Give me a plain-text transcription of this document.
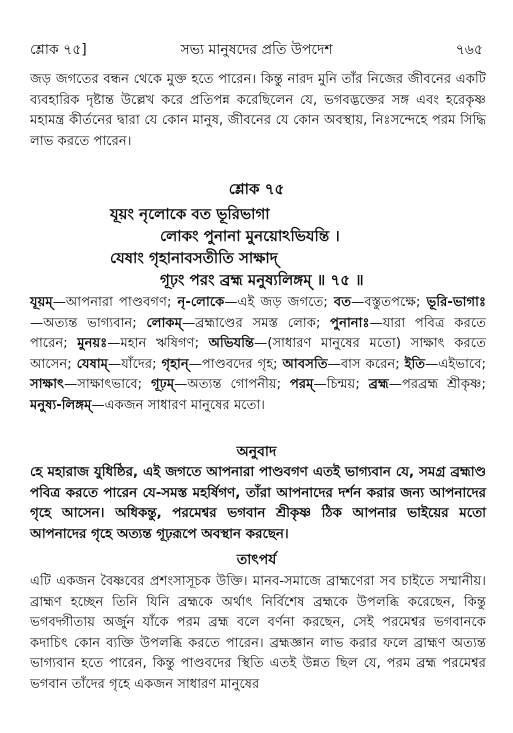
শ্লোক ৭৫]	সভ্য মানুষদের প্রতি উপদেশ	৭৬৫
জড় জগতের বন্ধন থেকে মুক্ত হতে পারেন। কিন্তু নারদ মুনি তাঁর নিজের জীবনের একটি ব্যবহারিক দৃষ্টান্ত উল্লেখ করে প্রতিপন্ন করেছিলেন যে, ভগবদ্ভক্তের সঙ্গ এবং হরেকৃষ্ণ মহামন্ত্র কীর্তনের দ্বারা যে কোন মানুষ, জীবনের যে কোন অবস্থায়, নিঃসন্দেহে পরম সিদ্ধি লাভ করতে পারেন।
শ্লোক ৭৫
যূয়ং নৃলোকে বত ভূরিভাগা
লোকং পুনানা মুনয়োঽভিযন্তি ।
যেষাং গৃহানাবসতীতি সাক্ষাদ্
গূঢ়ং পরং ব্রহ্ম মনুষ্যলিঙ্গম্ ॥ ৭৫ ॥
যূয়ম্—আপনারা পাণ্ডবগণ; নৃ-লোকে—এই জড় জগতে; বত—বস্তুতপক্ষে; ভূরি-ভাগাঃ—অত্যন্ত ভাগ্যবান; লোকম্—ব্রহ্মাণ্ডের সমস্ত লোক; পুনানাঃ—যারা পবিত্র করতে পারেন; মুনয়ঃ—মহান ঋষিগণ; অভিযন্তি—(সাধারণ মানুষের মতো) সাক্ষাৎ করতে আসেন; যেষাম্—যাঁদের; গৃহান্—পাণ্ডবদের গৃহ; আবসতি—বাস করেন; ইতি—এইভাবে; সাক্ষাৎ—সাক্ষাৎভাবে; গূঢ়ম্—অত্যন্ত গোপনীয়; পরম্—চিন্ময়; ব্রহ্ম—পরব্রহ্ম শ্রীকৃষ্ণ; মনুষ্য-লিঙ্গম্—একজন সাধারণ মানুষের মতো।
অনুবাদ
হে মহারাজ যুধিষ্ঠির, এই জগতে আপনারা পাণ্ডবগণ এতই ভাগ্যবান যে, সমগ্র ব্রহ্মাণ্ড পবিত্র করতে পারেন যে-সমস্ত মহর্ষিগণ, তাঁরা আপনাদের দর্শন করার জন্য আপনাদের গৃহে আসেন। অধিকন্তু, পরমেশ্বর ভগবান শ্রীকৃষ্ণ ঠিক আপনার ভাইয়ের মতো আপনাদের গৃহে অত্যন্ত গূঢ়রূপে অবস্থান করছেন।
তাৎপর্য
এটি একজন বৈষ্ণবের প্রশংসাসূচক উক্তি। মানব-সমাজে ব্রাহ্মণেরা সব চাইতে সম্মানীয়। ব্রাহ্মণ হচ্ছেন তিনি যিনি ব্রহ্মকে অর্থাৎ নির্বিশেষ ব্রহ্মকে উপলব্ধি করেছেন, কিন্তু ভগবদ্গীতায় অর্জুন যাঁকে পরম ব্রহ্ম বলে বর্ণনা করছেন, সেই পরমেশ্বর ভগবানকে কদাচিৎ কোন ব্যক্তি উপলব্ধি করতে পারেন। ব্রহ্মজ্ঞান লাভ করার ফলে ব্রাহ্মণ অত্যন্ত ভাগ্যবান হতে পারেন, কিন্তু পাণ্ডবদের স্থিতি এতই উন্নত ছিল যে, পরম ব্রহ্ম পরমেশ্বর ভগবান তাঁদের গৃহে একজন সাধারণ মানুষের
